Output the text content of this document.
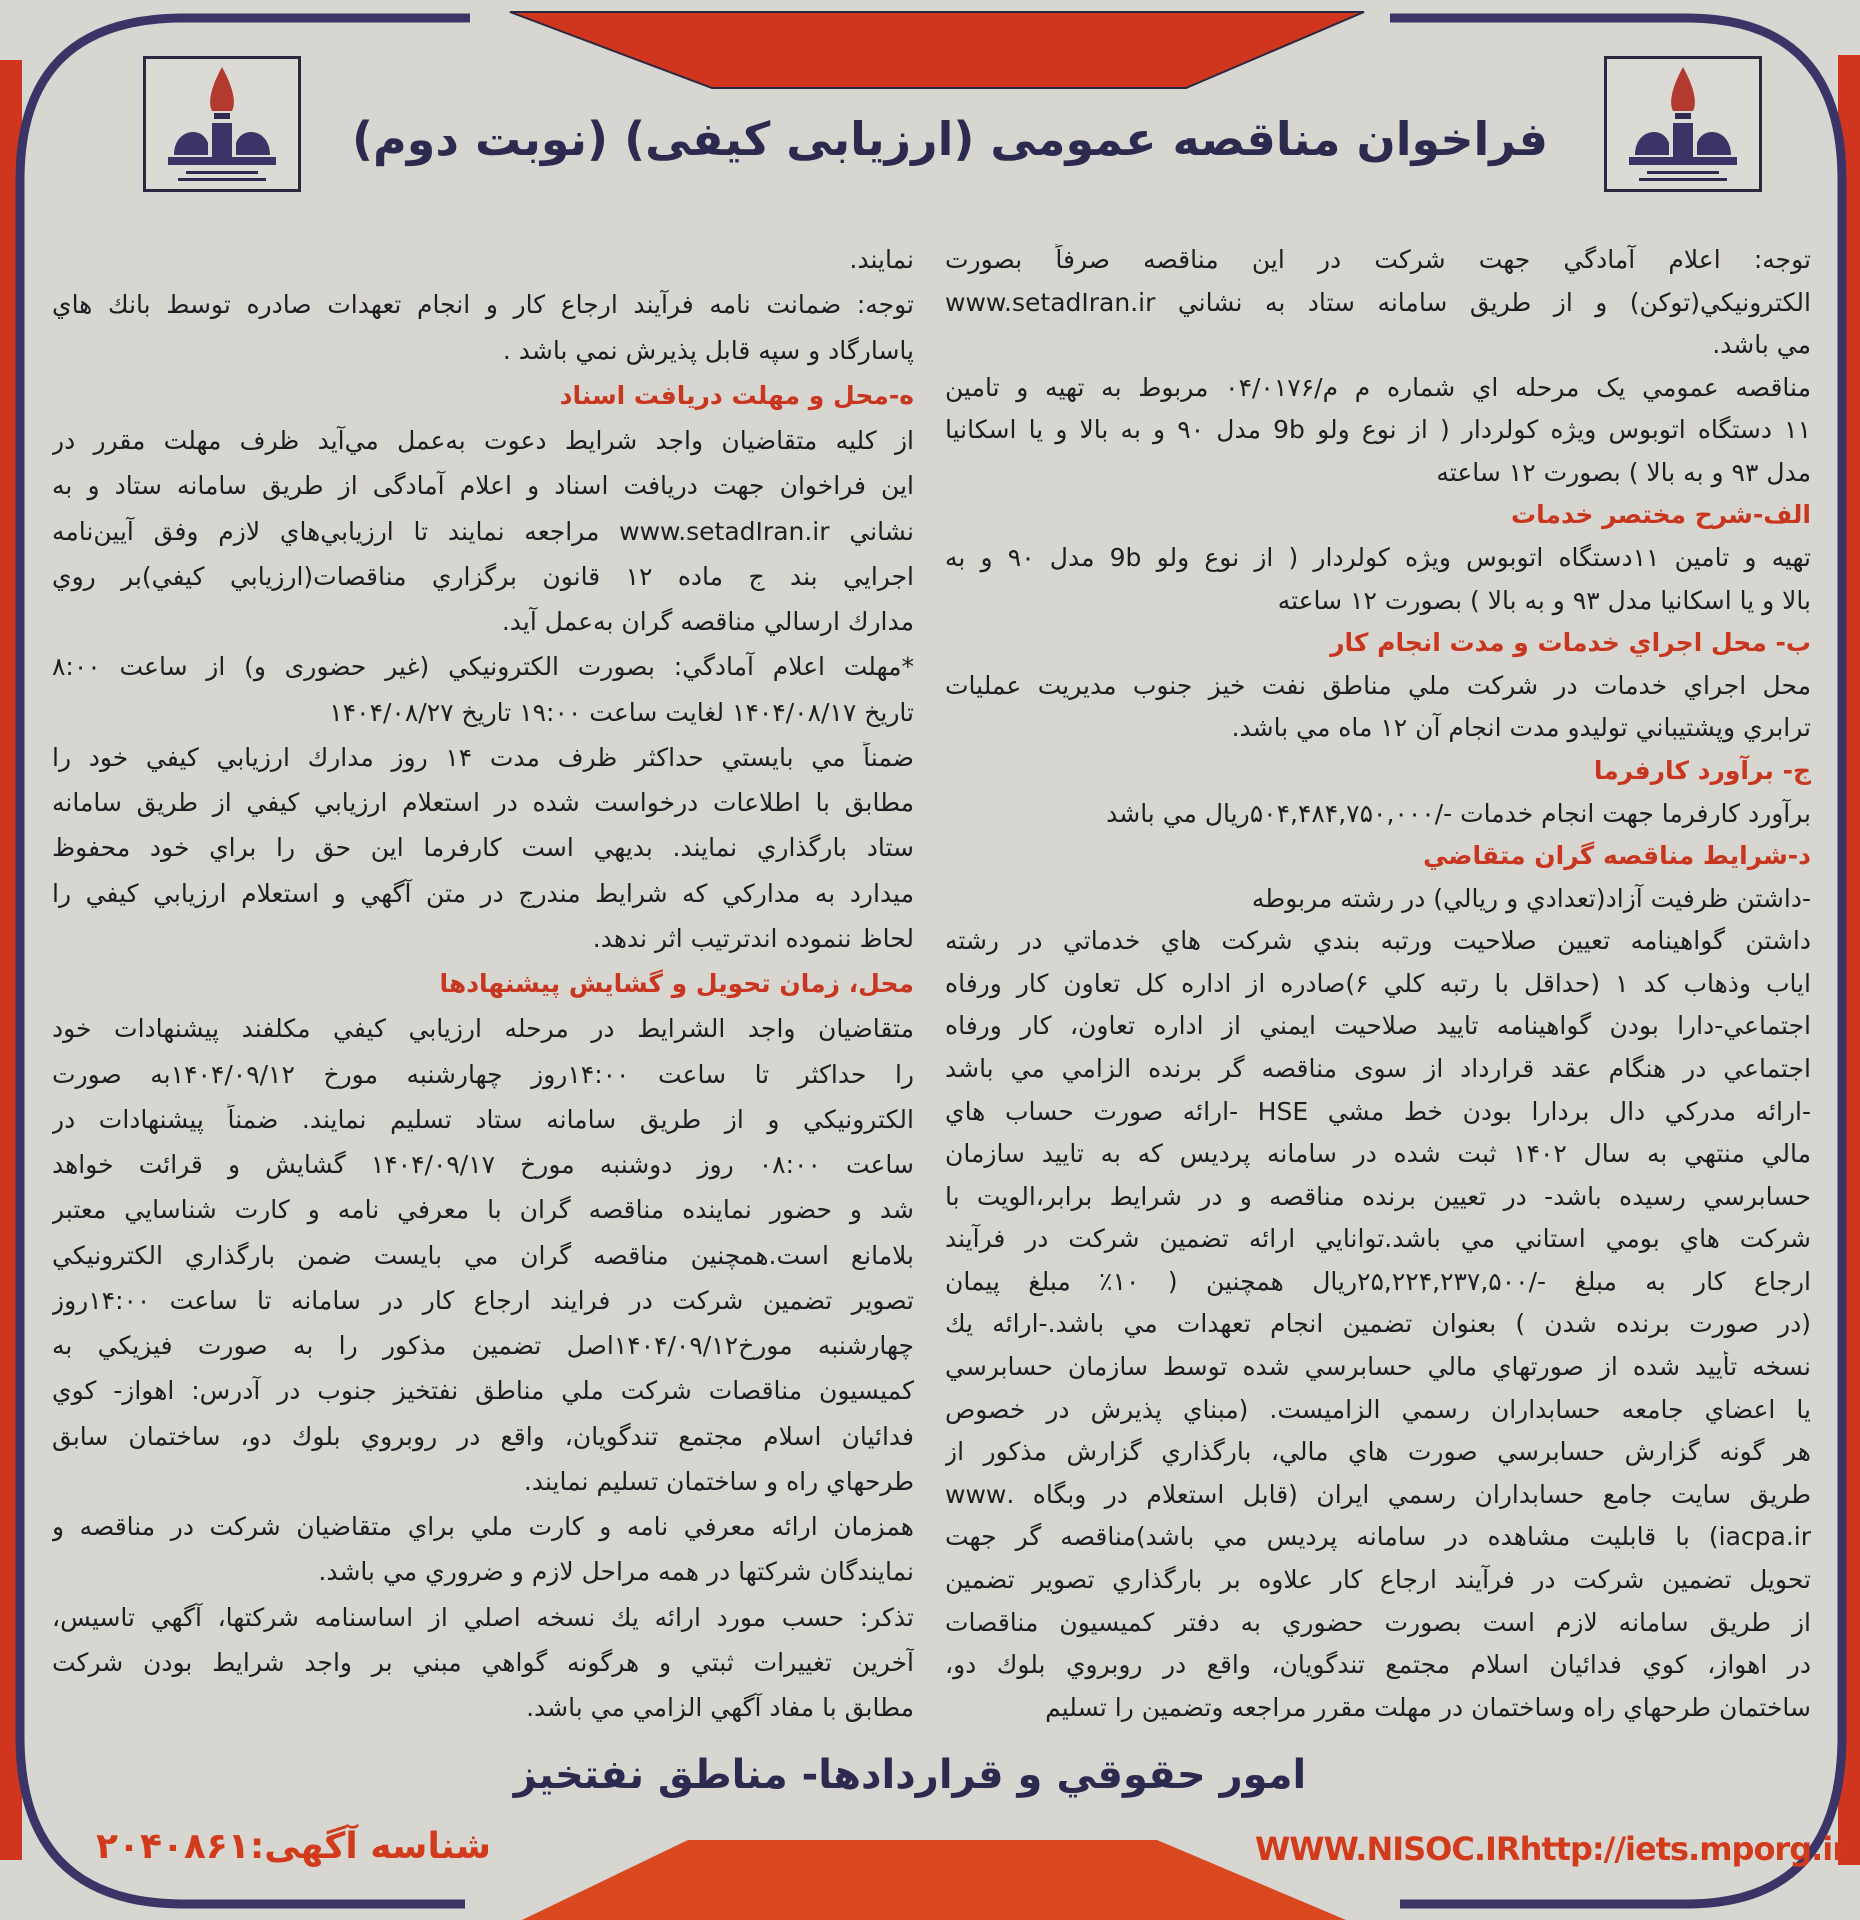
فراخوان مناقصه عمومی (ارزیابی کیفی) (نوبت دوم)
توجه: اعلام آمادگي جهت شركت در اين مناقصه صرفاً بصورت
الكترونيكي(توكن) و از طريق سامانه ستاد به نشاني www.setadIran.ir
مي باشد.
مناقصه عمومي يک مرحله اي شماره م م/۰۴/۰۱۷۶ مربوط به تهيه و تامين
۱۱ دستگاه اتوبوس ويژه كولردار ( از نوع ولو 9b مدل ۹۰ و به بالا و يا اسكانيا
مدل ۹۳ و به بالا ) بصورت ۱۲ ساعته
الف-شرح مختصر خدمات
تهيه و تامين ۱۱دستگاه اتوبوس ويژه كولردار ( از نوع ولو 9b مدل ۹۰ و به
بالا و يا اسكانيا مدل ۹۳ و به بالا ) بصورت ۱۲ ساعته
ب- محل اجراي خدمات و مدت انجام كار
محل اجراي خدمات در شركت ملي مناطق نفت خيز جنوب مديريت عمليات
ترابري وپشتيباني توليدو مدت انجام آن ۱۲ ماه مي باشد.
ج- برآورد كارفرما
برآورد كارفرما جهت انجام خدمات -/۵۰۴,۴۸۴,۷۵۰,۰۰۰ريال مي باشد
د-شرايط مناقصه گران متقاضي
-داشتن ظرفيت آزاد(تعدادي و ريالي) در رشته مربوطه
داشتن گواهينامه تعيين صلاحيت ورتبه بندي شركت هاي خدماتي در رشته
اياب وذهاب كد ۱ (حداقل با رتبه كلي ۶)صادره از اداره كل تعاون كار ورفاه
اجتماعي-دارا بودن گواهينامه تاييد صلاحيت ايمني از اداره تعاون، كار ورفاه
اجتماعي در هنگام عقد قرارداد از سوی مناقصه گر برنده الزامي مي باشد
-ارائه مدركي دال بردارا بودن خط مشي HSE -ارائه صورت حساب هاي
مالي منتهي به سال ۱۴۰۲ ثبت شده در سامانه پرديس كه به تاييد سازمان
حسابرسي رسيده باشد- در تعيين برنده مناقصه و در شرايط برابر،الويت با
شركت هاي بومي استاني مي باشد.توانايي ارائه تضمين شركت در فرآيند
ارجاع كار به مبلغ -/۲۵,۲۲۴,۲۳۷,۵۰۰ريال همچنين ( ۱۰٪ مبلغ پيمان
(در صورت برنده شدن ) بعنوان تضمين انجام تعهدات مي باشد.-ارائه يك
نسخه تأييد شده از صورتهاي مالي حسابرسي شده توسط سازمان حسابرسي
يا اعضاي جامعه حسابداران رسمي الزاميست. (مبناي پذيرش در خصوص
هر گونه گزارش حسابرسي صورت هاي مالي، بارگذاري گزارش مذكور از
طريق سايت جامع حسابداران رسمي ايران (قابل استعلام در وبگاه .www
iacpa.ir) با قابليت مشاهده در سامانه پرديس مي باشد)مناقصه گر جهت
تحويل تضمين شركت در فرآيند ارجاع كار علاوه بر بارگذاري تصوير تضمين
از طريق سامانه لازم است بصورت حضوري به دفتر كميسيون مناقصات
در اهواز، كوي فدائيان اسلام مجتمع تندگويان، واقع در روبروي بلوك دو،
ساختمان طرحهاي راه وساختمان در مهلت مقرر مراجعه وتضمين را تسليم
نمايند.
توجه: ضمانت نامه فرآيند ارجاع كار و انجام تعهدات صادره توسط بانك هاي
پاسارگاد و سپه قابل پذيرش نمي باشد .
ه-محل و مهلت دريافت اسناد
از كليه متقاضيان واجد شرايط دعوت به‌عمل مي‌آيد ظرف مهلت مقرر در
اين فراخوان جهت دريافت اسناد و اعلام آمادگی از طريق سامانه ستاد و به
نشاني www.setadIran.ir مراجعه نمايند تا ارزيابي‌هاي لازم وفق آيين‌نامه
اجرايي بند ج ماده ۱۲ قانون برگزاري مناقصات(ارزيابي كيفي)بر روي
مدارك ارسالي مناقصه گران به‌عمل آيد.
*مهلت اعلام آمادگي: بصورت الكترونيكي (غير حضوری و) از ساعت ۸:۰۰
تاريخ ۱۴۰۴/۰۸/۱۷ لغايت ساعت ۱۹:۰۰ تاريخ ۱۴۰۴/۰۸/۲۷
ضمناً مي بايستي حداكثر ظرف مدت ۱۴ روز مدارك ارزيابي كيفي خود را
مطابق با اطلاعات درخواست شده در استعلام ارزيابي كيفي از طريق سامانه
ستاد بارگذاري نمايند. بديهي است كارفرما اين حق را براي خود محفوظ
ميدارد به مداركي كه شرايط مندرج در متن آگهي و استعلام ارزيابي كيفي را
لحاظ ننموده اندترتيب اثر ندهد.
محل، زمان تحويل و گشايش پيشنهادها
متقاضيان واجد الشرايط در مرحله ارزيابي كيفي مكلفند پيشنهادات خود
را حداكثر تا ساعت ۱۴:۰۰روز چهارشنبه مورخ ۱۴۰۴/۰۹/۱۲به صورت
الكترونيكي و از طريق سامانه ستاد تسليم نمايند. ضمناً پيشنهادات در
ساعت ۰۸:۰۰ روز دوشنبه مورخ ۱۴۰۴/۰۹/۱۷ گشايش و قرائت خواهد
شد و حضور نماينده مناقصه گران با معرفي نامه و كارت شناسايي معتبر
بلامانع است.همچنين مناقصه گران مي بايست ضمن بارگذاري الكترونيكي
تصوير تضمين شركت در فرايند ارجاع كار در سامانه تا ساعت ۱۴:۰۰روز
چهارشنبه مورخ۱۴۰۴/۰۹/۱۲اصل تضمين مذكور را به صورت فيزيكي به
كميسيون مناقصات شركت ملي مناطق نفتخيز جنوب در آدرس: اهواز- كوي
فدائيان اسلام مجتمع تندگويان، واقع در روبروي بلوك دو، ساختمان سابق
طرحهاي راه و ساختمان تسليم نمايند.
همزمان ارائه معرفي نامه و كارت ملي براي متقاضيان شركت در مناقصه و
نمايندگان شركتها در همه مراحل لازم و ضروري مي باشد.
تذكر: حسب مورد ارائه يك نسخه اصلي از اساسنامه شركتها، آگهي تاسيس،
آخرين تغييرات ثبتي و هرگونه گواهي مبني بر واجد شرايط بودن شركت
مطابق با مفاد آگهي الزامي مي باشد.
امور حقوقي و قراردادها- مناطق نفتخيز
شناسه آگهی:۲۰۴۰۸۶۱	WWW.NISOC.IRhttp://iets.mporg.ir
